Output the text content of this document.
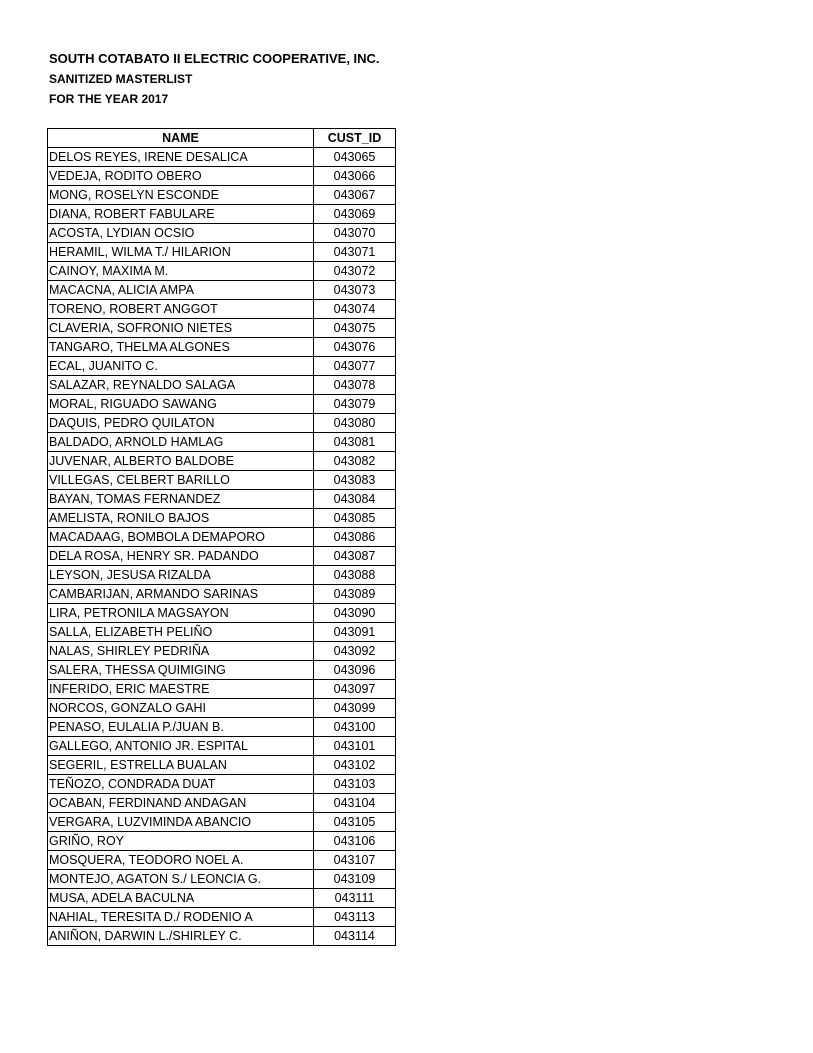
SOUTH COTABATO II ELECTRIC COOPERATIVE, INC.
SANITIZED MASTERLIST
FOR THE YEAR 2017
NAME	CUST_ID
DELOS REYES, IRENE DESALICA	043065
VEDEJA, RODITO OBERO	043066
MONG, ROSELYN ESCONDE	043067
DIANA, ROBERT FABULARE	043069
ACOSTA, LYDIAN OCSIO	043070
HERAMIL, WILMA T./ HILARION	043071
CAINOY, MAXIMA M.	043072
MACACNA, ALICIA AMPA	043073
TORENO, ROBERT ANGGOT	043074
CLAVERIA, SOFRONIO NIETES	043075
TANGARO, THELMA ALGONES	043076
ECAL, JUANITO C.	043077
SALAZAR, REYNALDO SALAGA	043078
MORAL, RIGUADO SAWANG	043079
DAQUIS, PEDRO QUILATON	043080
BALDADO, ARNOLD HAMLAG	043081
JUVENAR, ALBERTO BALDOBE	043082
VILLEGAS, CELBERT BARILLO	043083
BAYAN, TOMAS FERNANDEZ	043084
AMELISTA, RONILO BAJOS	043085
MACADAAG, BOMBOLA DEMAPORO	043086
DELA ROSA, HENRY SR. PADANDO	043087
LEYSON, JESUSA RIZALDA	043088
CAMBARIJAN, ARMANDO SARINAS	043089
LIRA, PETRONILA MAGSAYON	043090
SALLA, ELIZABETH PELIÑO	043091
NALAS, SHIRLEY PEDRIÑA	043092
SALERA, THESSA QUIMIGING	043096
INFERIDO, ERIC MAESTRE	043097
NORCOS, GONZALO GAHI	043099
PENASO, EULALIA P./JUAN B.	043100
GALLEGO, ANTONIO JR. ESPITAL	043101
SEGERIL, ESTRELLA BUALAN	043102
TEÑOZO, CONDRADA DUAT	043103
OCABAN, FERDINAND ANDAGAN	043104
VERGARA, LUZVIMINDA ABANCIO	043105
GRIÑO, ROY	043106
MOSQUERA, TEODORO NOEL A.	043107
MONTEJO, AGATON S./ LEONCIA G.	043109
MUSA, ADELA BACULNA	043111
NAHIAL, TERESITA D./ RODENIO A	043113
ANIÑON, DARWIN L./SHIRLEY C.	043114
